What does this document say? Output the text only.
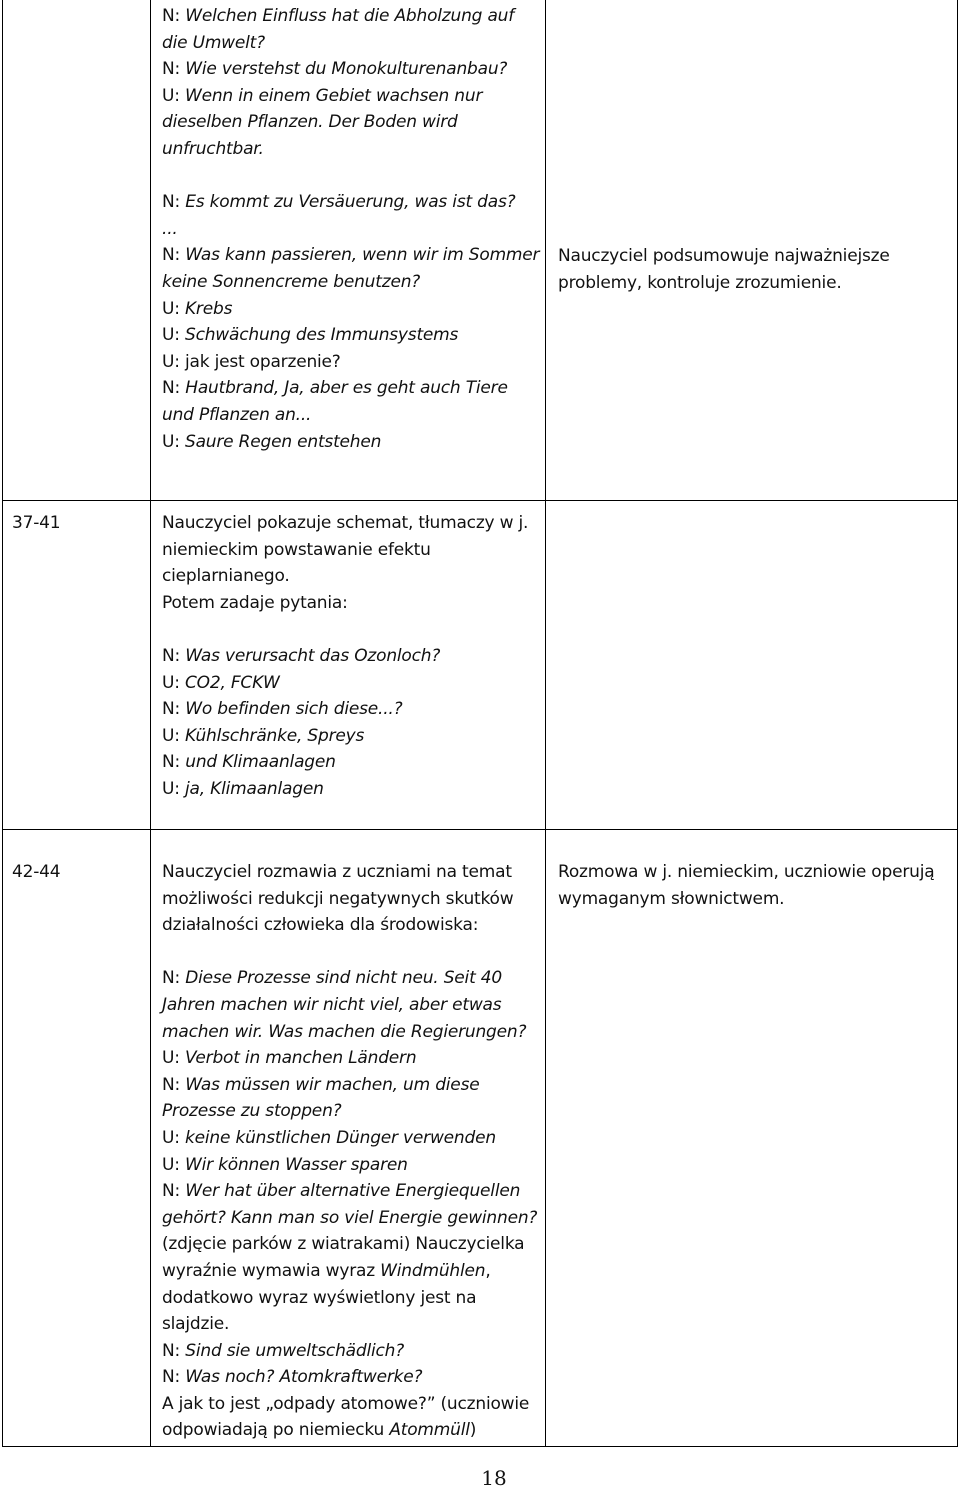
N: Welchen Einfluss hat die Abholzung auf
die Umwelt?
N: Wie verstehst du Monokulturenanbau?
U: Wenn in einem Gebiet wachsen nur
dieselben Pflanzen. Der Boden wird
unfruchtbar.
N: Es kommt zu Versäuerung, was ist das?
...
N: Was kann passieren, wenn wir im Sommer
keine Sonnencreme benutzen?
U: Krebs
U: Schwächung des Immunsystems
U: jak jest oparzenie?
N: Hautbrand, Ja, aber es geht auch Tiere
und Pflanzen an...
U: Saure Regen entstehen
Nauczyciel podsumowuje najważniejsze
problemy, kontroluje zrozumienie.
37-41	Nauczyciel pokazuje schemat, tłumaczy w j.
niemieckim powstawanie efektu
cieplarnianego.
Potem zadaje pytania:
N: Was verursacht das Ozonloch?
U: CO2, FCKW
N: Wo befinden sich diese...?
U: Kühlschränke, Spreys
N: und Klimaanlagen
U: ja, Klimaanlagen
42-44	Nauczyciel rozmawia z uczniami na temat
możliwości redukcji negatywnych skutków
działalności człowieka dla środowiska:
N: Diese Prozesse sind nicht neu. Seit 40
Jahren machen wir nicht viel, aber etwas
machen wir. Was machen die Regierungen?
U: Verbot in manchen Ländern
N: Was müssen wir machen, um diese
Prozesse zu stoppen?
U: keine künstlichen Dünger verwenden
U: Wir können Wasser sparen
N: Wer hat über alternative Energiequellen
gehört? Kann man so viel Energie gewinnen?
(zdjęcie parków z wiatrakami) Nauczycielka
wyraźnie wymawia wyraz Windmühlen,
dodatkowo wyraz wyświetlony jest na
slajdzie.
N: Sind sie umweltschädlich?
N: Was noch? Atomkraftwerke?
A jak to jest „odpady atomowe?” (uczniowie
odpowiadają po niemiecku Atommüll)
Rozmowa w j. niemieckim, uczniowie operują
wymaganym słownictwem.
18
